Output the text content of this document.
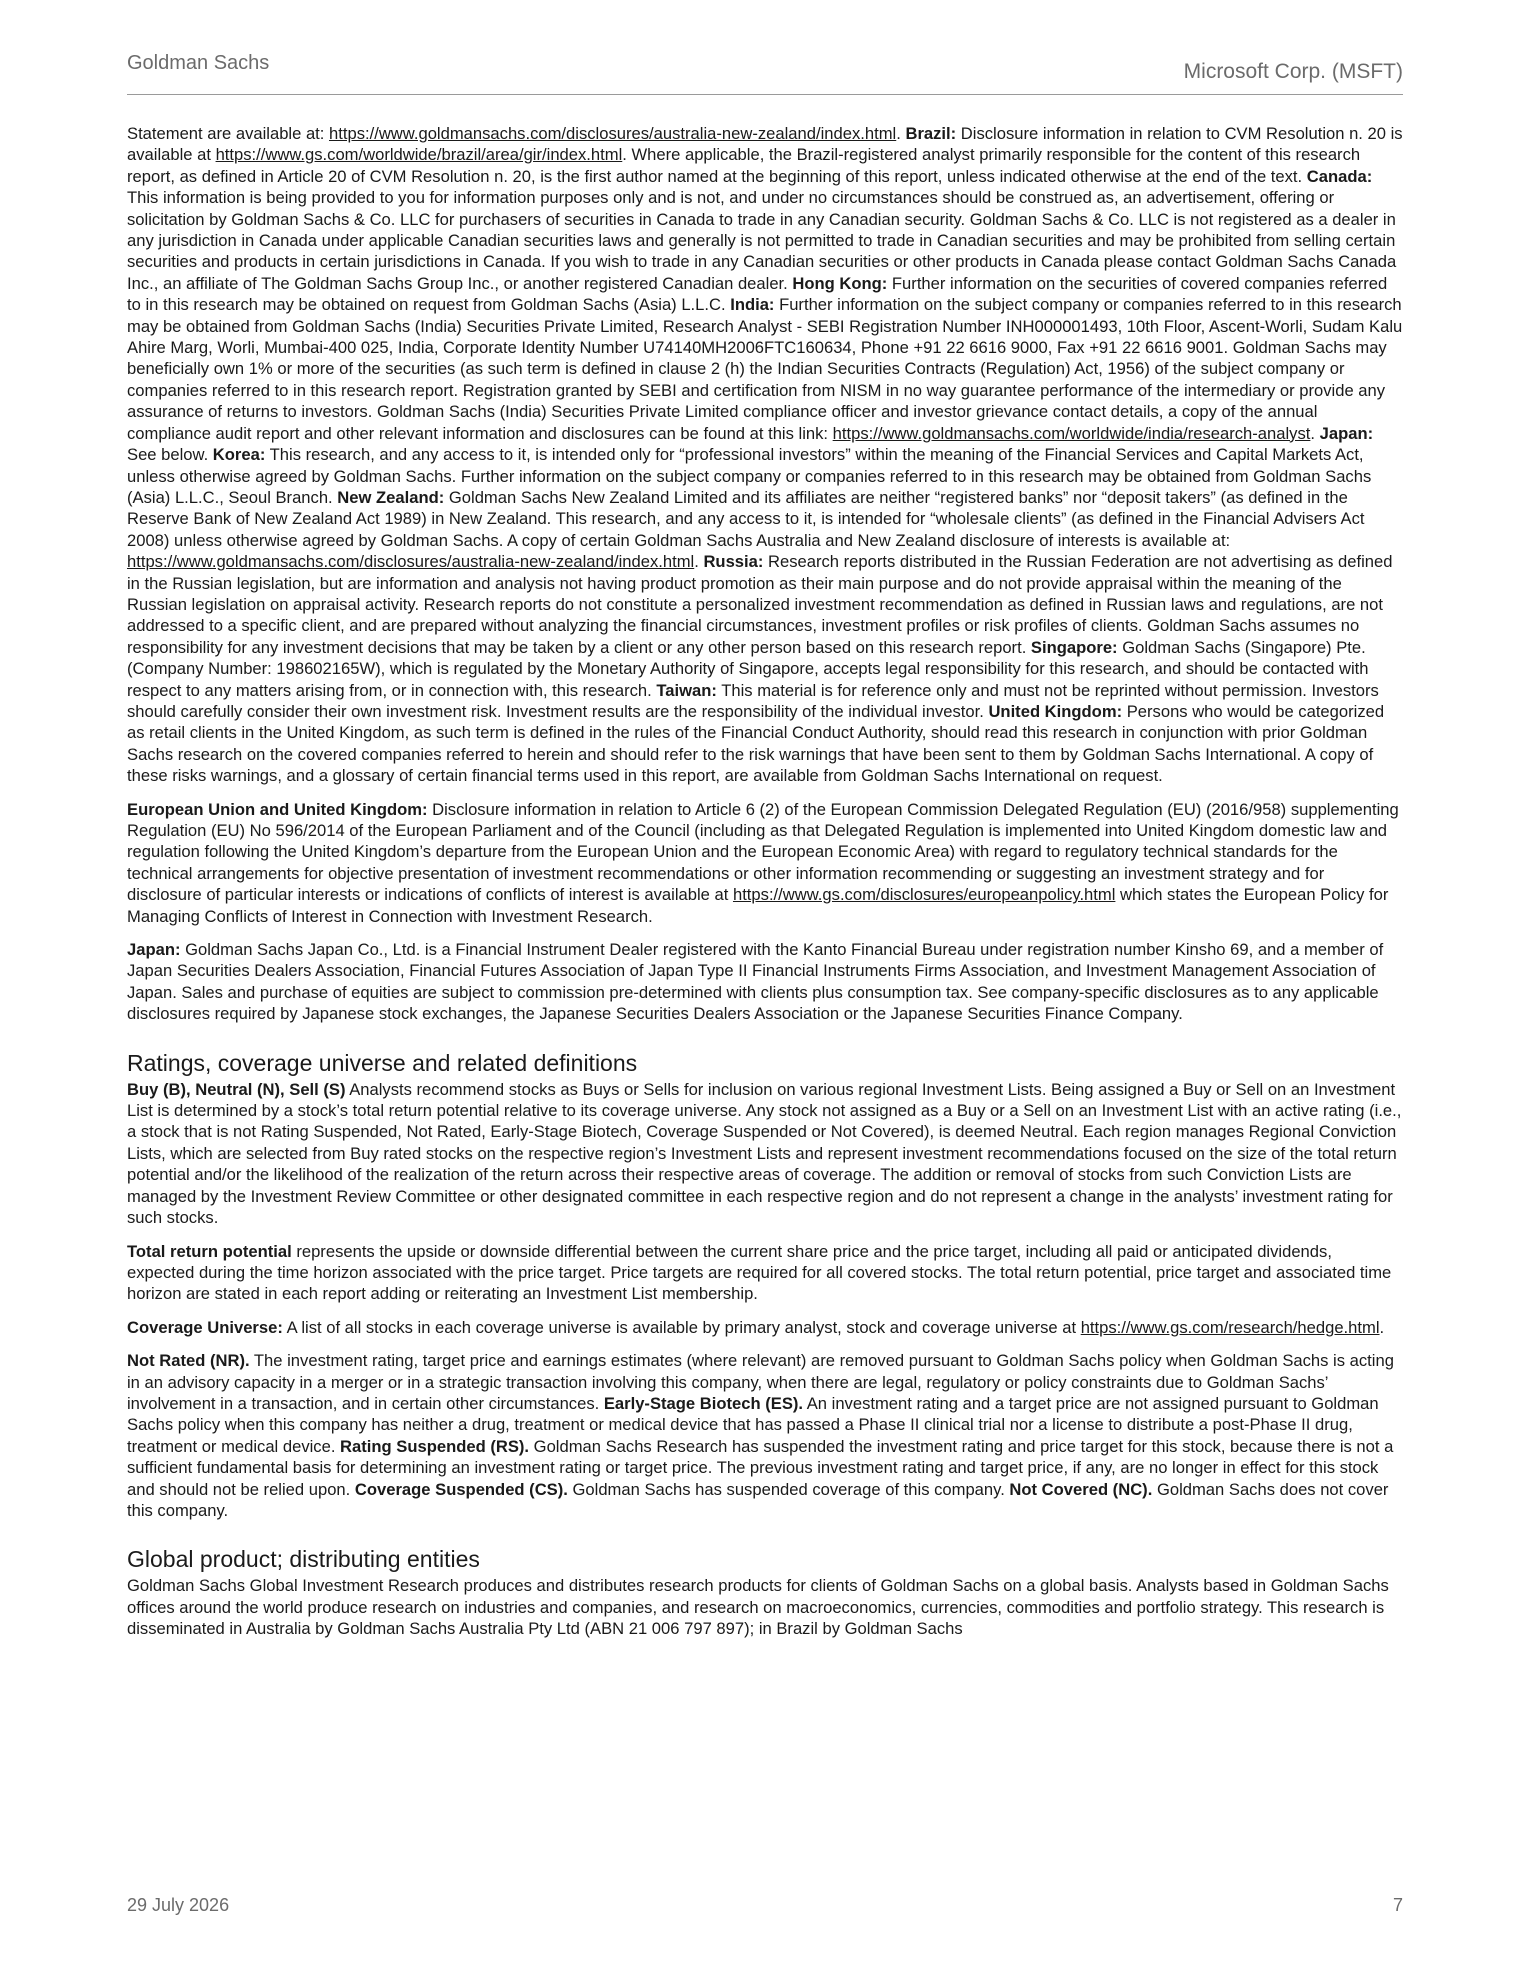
Goldman Sachs	Microsoft Corp. (MSFT)

Statement are available at: https://www.goldmansachs.com/disclosures/australia-new-zealand/index.html. Brazil: Disclosure information in relation to CVM Resolution n. 20 is available at https://www.gs.com/worldwide/brazil/area/gir/index.html. Where applicable, the Brazil-registered analyst primarily responsible for the content of this research report, as defined in Article 20 of CVM Resolution n. 20, is the first author named at the beginning of this report, unless indicated otherwise at the end of the text. Canada: This information is being provided to you for information purposes only and is not, and under no circumstances should be construed as, an advertisement, offering or solicitation by Goldman Sachs & Co. LLC for purchasers of securities in Canada to trade in any Canadian security. Goldman Sachs & Co. LLC is not registered as a dealer in any jurisdiction in Canada under applicable Canadian securities laws and generally is not permitted to trade in Canadian securities and may be prohibited from selling certain securities and products in certain jurisdictions in Canada. If you wish to trade in any Canadian securities or other products in Canada please contact Goldman Sachs Canada Inc., an affiliate of The Goldman Sachs Group Inc., or another registered Canadian dealer. Hong Kong: Further information on the securities of covered companies referred to in this research may be obtained on request from Goldman Sachs (Asia) L.L.C. India: Further information on the subject company or companies referred to in this research may be obtained from Goldman Sachs (India) Securities Private Limited, Research Analyst - SEBI Registration Number INH000001493, 10th Floor, Ascent-Worli, Sudam Kalu Ahire Marg, Worli, Mumbai-400 025, India, Corporate Identity Number U74140MH2006FTC160634, Phone +91 22 6616 9000, Fax +91 22 6616 9001. Goldman Sachs may beneficially own 1% or more of the securities (as such term is defined in clause 2 (h) the Indian Securities Contracts (Regulation) Act, 1956) of the subject company or companies referred to in this research report. Registration granted by SEBI and certification from NISM in no way guarantee performance of the intermediary or provide any assurance of returns to investors. Goldman Sachs (India) Securities Private Limited compliance officer and investor grievance contact details, a copy of the annual compliance audit report and other relevant information and disclosures can be found at this link: https://www.goldmansachs.com/worldwide/india/research-analyst. Japan: See below. Korea: This research, and any access to it, is intended only for “professional investors” within the meaning of the Financial Services and Capital Markets Act, unless otherwise agreed by Goldman Sachs. Further information on the subject company or companies referred to in this research may be obtained from Goldman Sachs (Asia) L.L.C., Seoul Branch. New Zealand: Goldman Sachs New Zealand Limited and its affiliates are neither “registered banks” nor “deposit takers” (as defined in the Reserve Bank of New Zealand Act 1989) in New Zealand. This research, and any access to it, is intended for “wholesale clients” (as defined in the Financial Advisers Act 2008) unless otherwise agreed by Goldman Sachs. A copy of certain Goldman Sachs Australia and New Zealand disclosure of interests is available at: https://www.goldmansachs.com/disclosures/australia-new-zealand/index.html. Russia: Research reports distributed in the Russian Federation are not advertising as defined in the Russian legislation, but are information and analysis not having product promotion as their main purpose and do not provide appraisal within the meaning of the Russian legislation on appraisal activity. Research reports do not constitute a personalized investment recommendation as defined in Russian laws and regulations, are not addressed to a specific client, and are prepared without analyzing the financial circumstances, investment profiles or risk profiles of clients. Goldman Sachs assumes no responsibility for any investment decisions that may be taken by a client or any other person based on this research report. Singapore: Goldman Sachs (Singapore) Pte. (Company Number: 198602165W), which is regulated by the Monetary Authority of Singapore, accepts legal responsibility for this research, and should be contacted with respect to any matters arising from, or in connection with, this research. Taiwan: This material is for reference only and must not be reprinted without permission. Investors should carefully consider their own investment risk. Investment results are the responsibility of the individual investor. United Kingdom: Persons who would be categorized as retail clients in the United Kingdom, as such term is defined in the rules of the Financial Conduct Authority, should read this research in conjunction with prior Goldman Sachs research on the covered companies referred to herein and should refer to the risk warnings that have been sent to them by Goldman Sachs International. A copy of these risks warnings, and a glossary of certain financial terms used in this report, are available from Goldman Sachs International on request.

European Union and United Kingdom: Disclosure information in relation to Article 6 (2) of the European Commission Delegated Regulation (EU) (2016/958) supplementing Regulation (EU) No 596/2014 of the European Parliament and of the Council (including as that Delegated Regulation is implemented into United Kingdom domestic law and regulation following the United Kingdom’s departure from the European Union and the European Economic Area) with regard to regulatory technical standards for the technical arrangements for objective presentation of investment recommendations or other information recommending or suggesting an investment strategy and for disclosure of particular interests or indications of conflicts of interest is available at https://www.gs.com/disclosures/europeanpolicy.html which states the European Policy for Managing Conflicts of Interest in Connection with Investment Research.

Japan: Goldman Sachs Japan Co., Ltd. is a Financial Instrument Dealer registered with the Kanto Financial Bureau under registration number Kinsho 69, and a member of Japan Securities Dealers Association, Financial Futures Association of Japan Type II Financial Instruments Firms Association, and Investment Management Association of Japan. Sales and purchase of equities are subject to commission pre-determined with clients plus consumption tax. See company-specific disclosures as to any applicable disclosures required by Japanese stock exchanges, the Japanese Securities Dealers Association or the Japanese Securities Finance Company.

Ratings, coverage universe and related definitions

Buy (B), Neutral (N), Sell (S) Analysts recommend stocks as Buys or Sells for inclusion on various regional Investment Lists. Being assigned a Buy or Sell on an Investment List is determined by a stock’s total return potential relative to its coverage universe. Any stock not assigned as a Buy or a Sell on an Investment List with an active rating (i.e., a stock that is not Rating Suspended, Not Rated, Early-Stage Biotech, Coverage Suspended or Not Covered), is deemed Neutral. Each region manages Regional Conviction Lists, which are selected from Buy rated stocks on the respective region’s Investment Lists and represent investment recommendations focused on the size of the total return potential and/or the likelihood of the realization of the return across their respective areas of coverage. The addition or removal of stocks from such Conviction Lists are managed by the Investment Review Committee or other designated committee in each respective region and do not represent a change in the analysts’ investment rating for such stocks.

Total return potential represents the upside or downside differential between the current share price and the price target, including all paid or anticipated dividends, expected during the time horizon associated with the price target. Price targets are required for all covered stocks. The total return potential, price target and associated time horizon are stated in each report adding or reiterating an Investment List membership.

Coverage Universe: A list of all stocks in each coverage universe is available by primary analyst, stock and coverage universe at https://www.gs.com/research/hedge.html.

Not Rated (NR). The investment rating, target price and earnings estimates (where relevant) are removed pursuant to Goldman Sachs policy when Goldman Sachs is acting in an advisory capacity in a merger or in a strategic transaction involving this company, when there are legal, regulatory or policy constraints due to Goldman Sachs’ involvement in a transaction, and in certain other circumstances. Early-Stage Biotech (ES). An investment rating and a target price are not assigned pursuant to Goldman Sachs policy when this company has neither a drug, treatment or medical device that has passed a Phase II clinical trial nor a license to distribute a post-Phase II drug, treatment or medical device. Rating Suspended (RS). Goldman Sachs Research has suspended the investment rating and price target for this stock, because there is not a sufficient fundamental basis for determining an investment rating or target price. The previous investment rating and target price, if any, are no longer in effect for this stock and should not be relied upon. Coverage Suspended (CS). Goldman Sachs has suspended coverage of this company. Not Covered (NC). Goldman Sachs does not cover this company.

Global product; distributing entities

Goldman Sachs Global Investment Research produces and distributes research products for clients of Goldman Sachs on a global basis. Analysts based in Goldman Sachs offices around the world produce research on industries and companies, and research on macroeconomics, currencies, commodities and portfolio strategy. This research is disseminated in Australia by Goldman Sachs Australia Pty Ltd (ABN 21 006 797 897); in Brazil by Goldman Sachs

29 July 2026	7
